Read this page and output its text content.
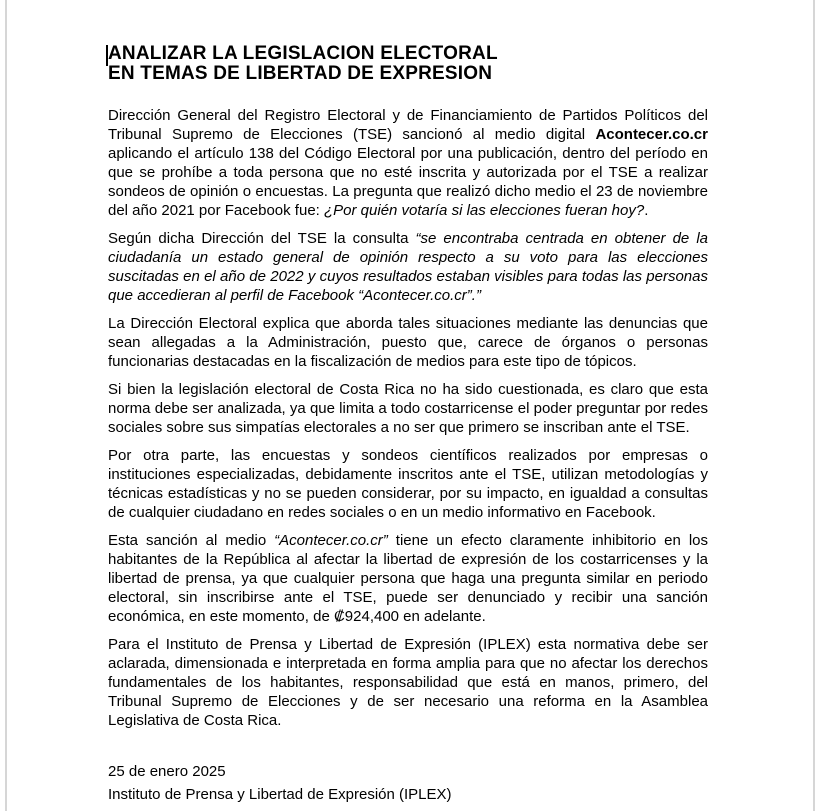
ANALIZAR LA LEGISLACION ELECTORAL
EN TEMAS DE LIBERTAD DE EXPRESION

Dirección General del Registro Electoral y de Financiamiento de Partidos Políticos del Tribunal Supremo de Elecciones (TSE) sancionó al medio digital Acontecer.co.cr aplicando el artículo 138 del Código Electoral por una publicación, dentro del período en que se prohíbe a toda persona que no esté inscrita y autorizada por el TSE a realizar sondeos de opinión o encuestas. La pregunta que realizó dicho medio el 23 de noviembre del año 2021 por Facebook fue: ¿Por quién votaría si las elecciones fueran hoy?.

Según dicha Dirección del TSE la consulta “se encontraba centrada en obtener de la ciudadanía un estado general de opinión respecto a su voto para las elecciones suscitadas en el año de 2022 y cuyos resultados estaban visibles para todas las personas que accedieran al perfil de Facebook “Acontecer.co.cr”.”

La Dirección Electoral explica que aborda tales situaciones mediante las denuncias que sean allegadas a la Administración, puesto que, carece de órganos o personas funcionarias destacadas en la fiscalización de medios para este tipo de tópicos.

Si bien la legislación electoral de Costa Rica no ha sido cuestionada, es claro que esta norma debe ser analizada, ya que limita a todo costarricense el poder preguntar por redes sociales sobre sus simpatías electorales a no ser que primero se inscriban ante el TSE.

Por otra parte, las encuestas y sondeos científicos realizados por empresas o instituciones especializadas, debidamente inscritos ante el TSE, utilizan metodologías y técnicas estadísticas y no se pueden considerar, por su impacto, en igualdad a consultas de cualquier ciudadano en redes sociales o en un medio informativo en Facebook.

Esta sanción al medio “Acontecer.co.cr” tiene un efecto claramente inhibitorio en los habitantes de la República al afectar la libertad de expresión de los costarricenses y la libertad de prensa, ya que cualquier persona que haga una pregunta similar en periodo electoral, sin inscribirse ante el TSE, puede ser denunciado y recibir una sanción económica, en este momento, de ₡924,400 en adelante.

Para el Instituto de Prensa y Libertad de Expresión (IPLEX) esta normativa debe ser aclarada, dimensionada e interpretada en forma amplia para que no afectar los derechos fundamentales de los habitantes, responsabilidad que está en manos, primero, del Tribunal Supremo de Elecciones y de ser necesario una reforma en la Asamblea Legislativa de Costa Rica.

25 de enero 2025
Instituto de Prensa y Libertad de Expresión (IPLEX)
